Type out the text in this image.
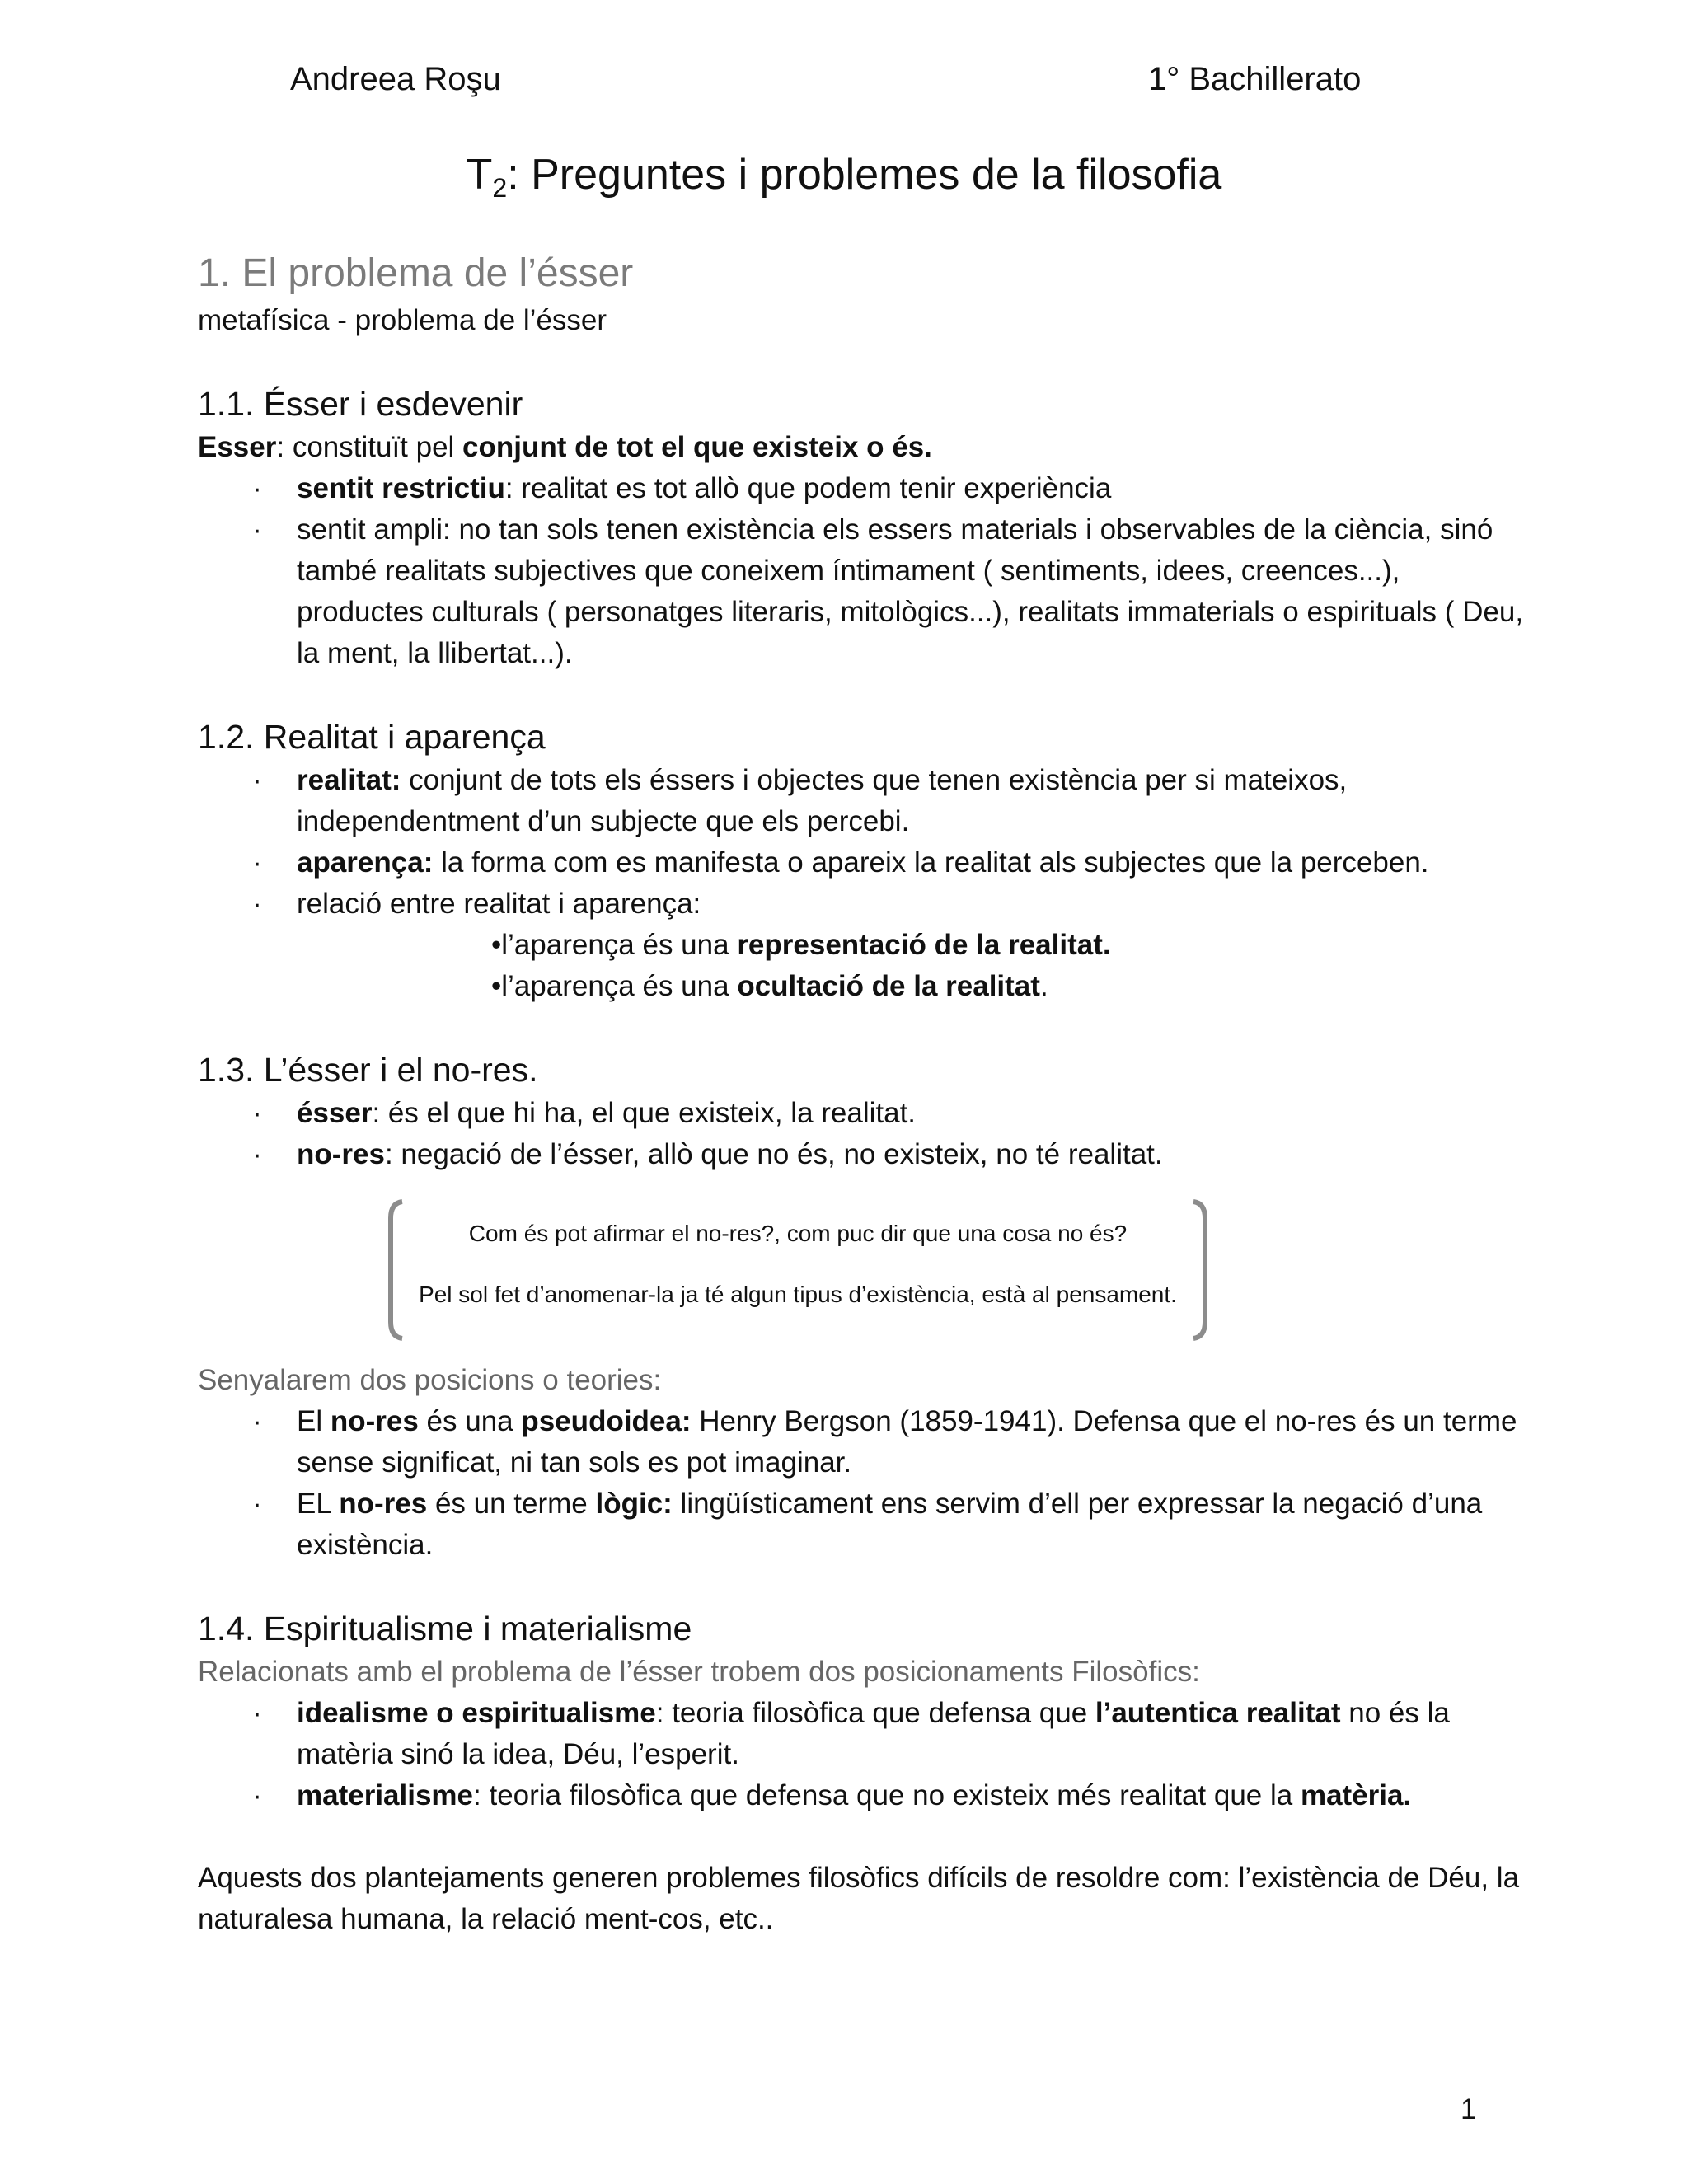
Andreea Roşu	1° Bachillerato
$T_2$: Preguntes i problemes de la filosofia
1. El problema de l’ésser

metafísica - problema de l’ésser

1.1. Ésser i esdevenir

Esser: constituït pel conjunt de tot el que existeix o és.

· sentit restrictiu: realitat es tot allò que podem tenir experiència
· sentit ampli: no tan sols tenen existència els essers materials i observables de la ciència, sinó també realitats subjectives que coneixem íntimament ( sentiments, idees, creences...), productes culturals ( personatges literaris, mitològics...), realitats immaterials o espirituals ( Deu, la ment, la llibertat...).
1.2. Realitat i aparença
· realitat: conjunt de tots els éssers i objectes que tenen existència per si mateixos, independentment d’un subjecte que els percebi.
· aparença: la forma com es manifesta o apareix la realitat als subjectes que la perceben.
· relació entre realitat i aparença:

•l’aparença és una representació de la realitat.

•l’aparença és una ocultació de la realitat.

1.3. L’ésser i el no-res.
· ésser: és el que hi ha, el que existeix, la realitat.
· no-res: negació de l’ésser, allò que no és, no existeix, no té realitat.
Com és pot afirmar el no-res?, com puc dir que una cosa no és?
Pel sol fet d’anomenar-la ja té algun tipus d’existència, està al pensament.

Senyalarem dos posicions o teories:

· El no-res és una pseudoidea: Henry Bergson (1859-1941). Defensa que el no-res és un terme sense significat, ni tan sols es pot imaginar.
· EL no-res és un terme lògic: lingüísticament ens servim d’ell per expressar la negació d’una existència.
1.4. Espiritualisme i materialisme

Relacionats amb el problema de l’ésser trobem dos posicionaments Filosòfics:

· idealisme o espiritualisme: teoria filosòfica que defensa que l’autentica realitat no és la matèria sinó la idea, Déu, l’esperit.
· materialisme: teoria filosòfica que defensa que no existeix més realitat que la matèria.

Aquests dos plantejaments generen problemes filosòfics difícils de resoldre com: l’existència de Déu, la naturalesa humana, la relació ment-cos, etc..

1
